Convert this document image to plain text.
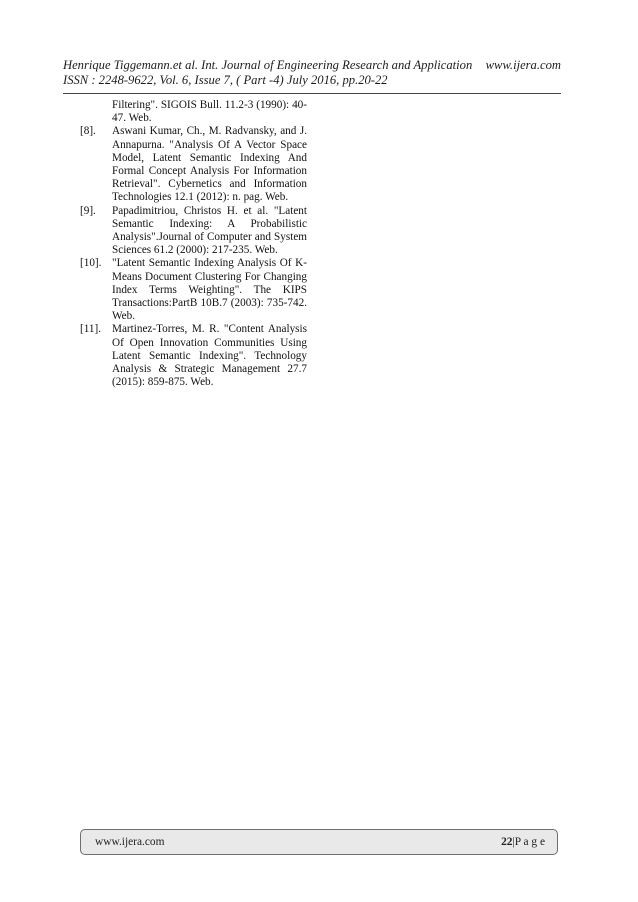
Henrique Tiggemann.et al. Int. Journal of Engineering Research and Application www.ijera.com
ISSN : 2248-9622, Vol. 6, Issue 7, ( Part -4) July 2016, pp.20-22

Filtering". SIGOIS Bull. 11.2-3 (1990): 40-47. Web.

[8]. Aswani Kumar, Ch., M. Radvansky, and J. Annapurna. "Analysis Of A Vector Space Model, Latent Semantic Indexing And Formal Concept Analysis For Information Retrieval". Cybernetics and Information Technologies 12.1 (2012): n. pag. Web.

[9]. Papadimitriou, Christos H. et al. "Latent Semantic Indexing: A Probabilistic Analysis".Journal of Computer and System Sciences 61.2 (2000): 217-235. Web.

[10]. "Latent Semantic Indexing Analysis Of K-Means Document Clustering For Changing Index Terms Weighting". The KIPS Transactions:PartB 10B.7 (2003): 735-742. Web.

[11]. Martinez-Torres, M. R. "Content Analysis Of Open Innovation Communities Using Latent Semantic Indexing". Technology Analysis & Strategic Management 27.7 (2015): 859-875. Web.

www.ijera.com	22|P a g e
